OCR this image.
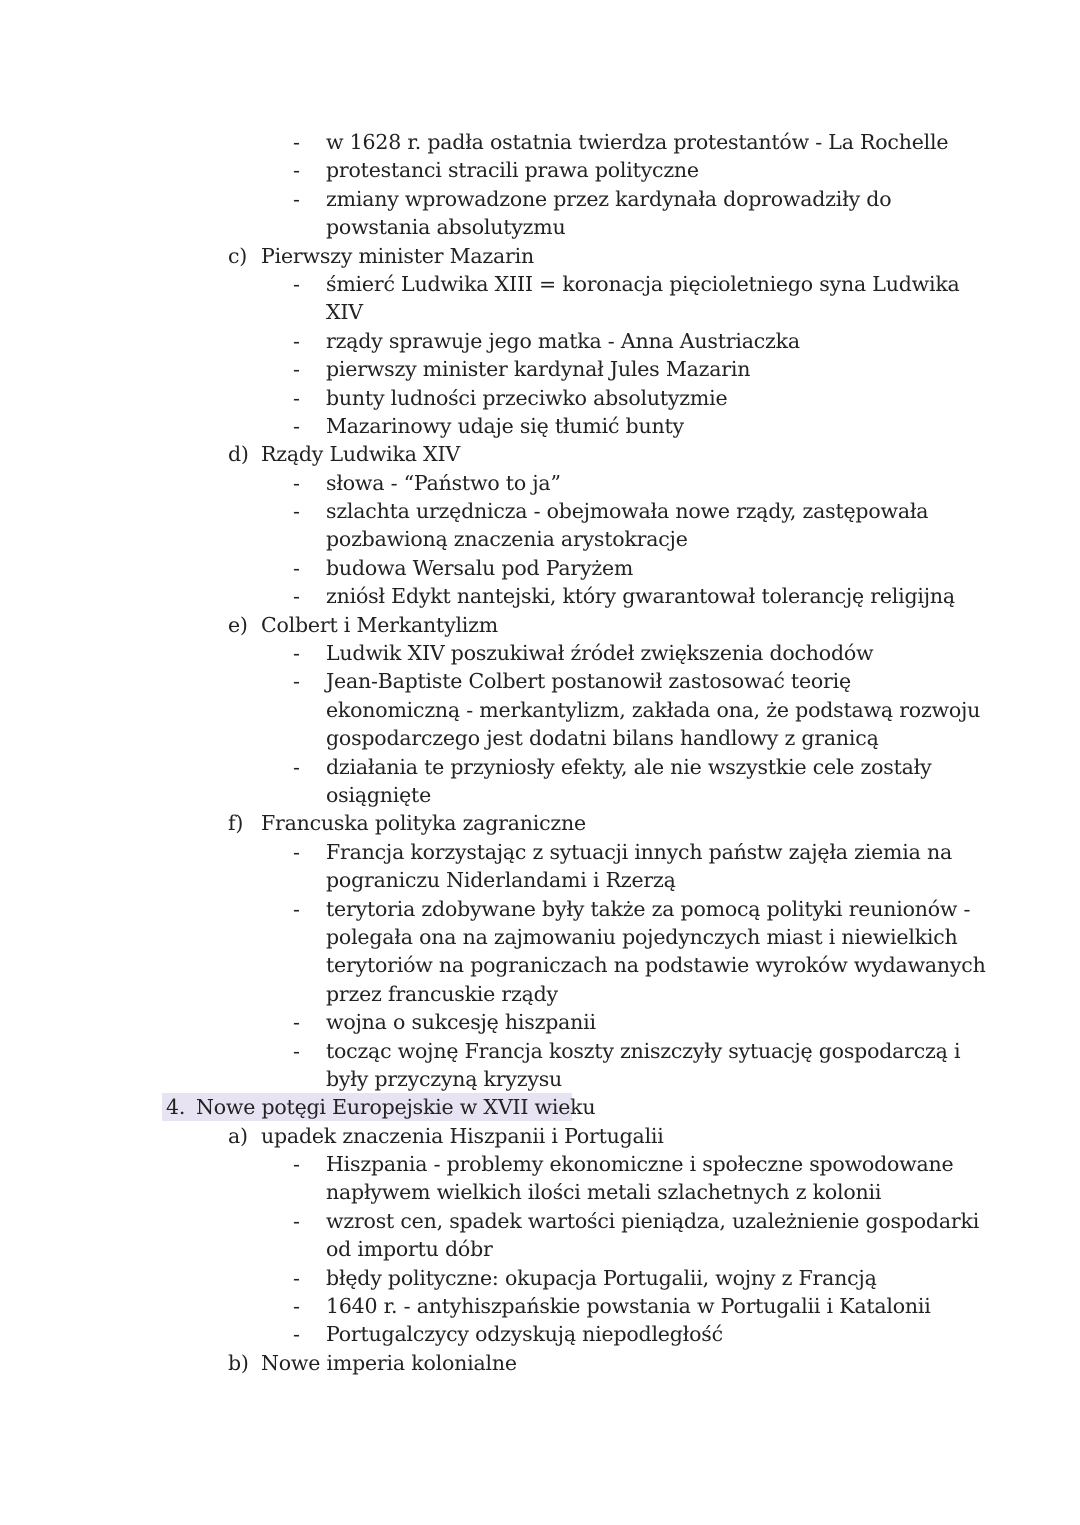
- w 1628 r. padła ostatnia twierdza protestantów - La Rochelle
- protestanci stracili prawa polityczne
- zmiany wprowadzone przez kardynała doprowadziły do
powstania absolutyzmu
c) Pierwszy minister Mazarin
- śmierć Ludwika XIII = koronacja pięcioletniego syna Ludwika
XIV
- rządy sprawuje jego matka - Anna Austriaczka
- pierwszy minister kardynał Jules Mazarin
- bunty ludności przeciwko absolutyzmie
- Mazarinowy udaje się tłumić bunty
d) Rządy Ludwika XIV
- słowa - “Państwo to ja”
- szlachta urzędnicza - obejmowała nowe rządy, zastępowała
pozbawioną znaczenia arystokracje
- budowa Wersalu pod Paryżem
- zniósł Edykt nantejski, który gwarantował tolerancję religijną
e) Colbert i Merkantylizm
- Ludwik XIV poszukiwał źródeł zwiększenia dochodów
- Jean-Baptiste Colbert postanowił zastosować teorię
ekonomiczną - merkantylizm, zakłada ona, że podstawą rozwoju
gospodarczego jest dodatni bilans handlowy z granicą
- działania te przyniosły efekty, ale nie wszystkie cele zostały
osiągnięte
f) Francuska polityka zagraniczne
- Francja korzystając z sytuacji innych państw zajęła ziemia na
pograniczu Niderlandami i Rzerzą
- terytoria zdobywane były także za pomocą polityki reunionów -
polegała ona na zajmowaniu pojedynczych miast i niewielkich
terytoriów na pograniczach na podstawie wyroków wydawanych
przez francuskie rządy
- wojna o sukcesję hiszpanii
- tocząc wojnę Francja koszty zniszczyły sytuację gospodarczą i
były przyczyną kryzysu
4. Nowe potęgi Europejskie w XVII wieku
a) upadek znaczenia Hiszpanii i Portugalii
- Hiszpania - problemy ekonomiczne i społeczne spowodowane
napływem wielkich ilości metali szlachetnych z kolonii
- wzrost cen, spadek wartości pieniądza, uzależnienie gospodarki
od importu dóbr
- błędy polityczne: okupacja Portugalii, wojny z Francją
- 1640 r. - antyhiszpańskie powstania w Portugalii i Katalonii
- Portugalczycy odzyskują niepodległość
b) Nowe imperia kolonialne
